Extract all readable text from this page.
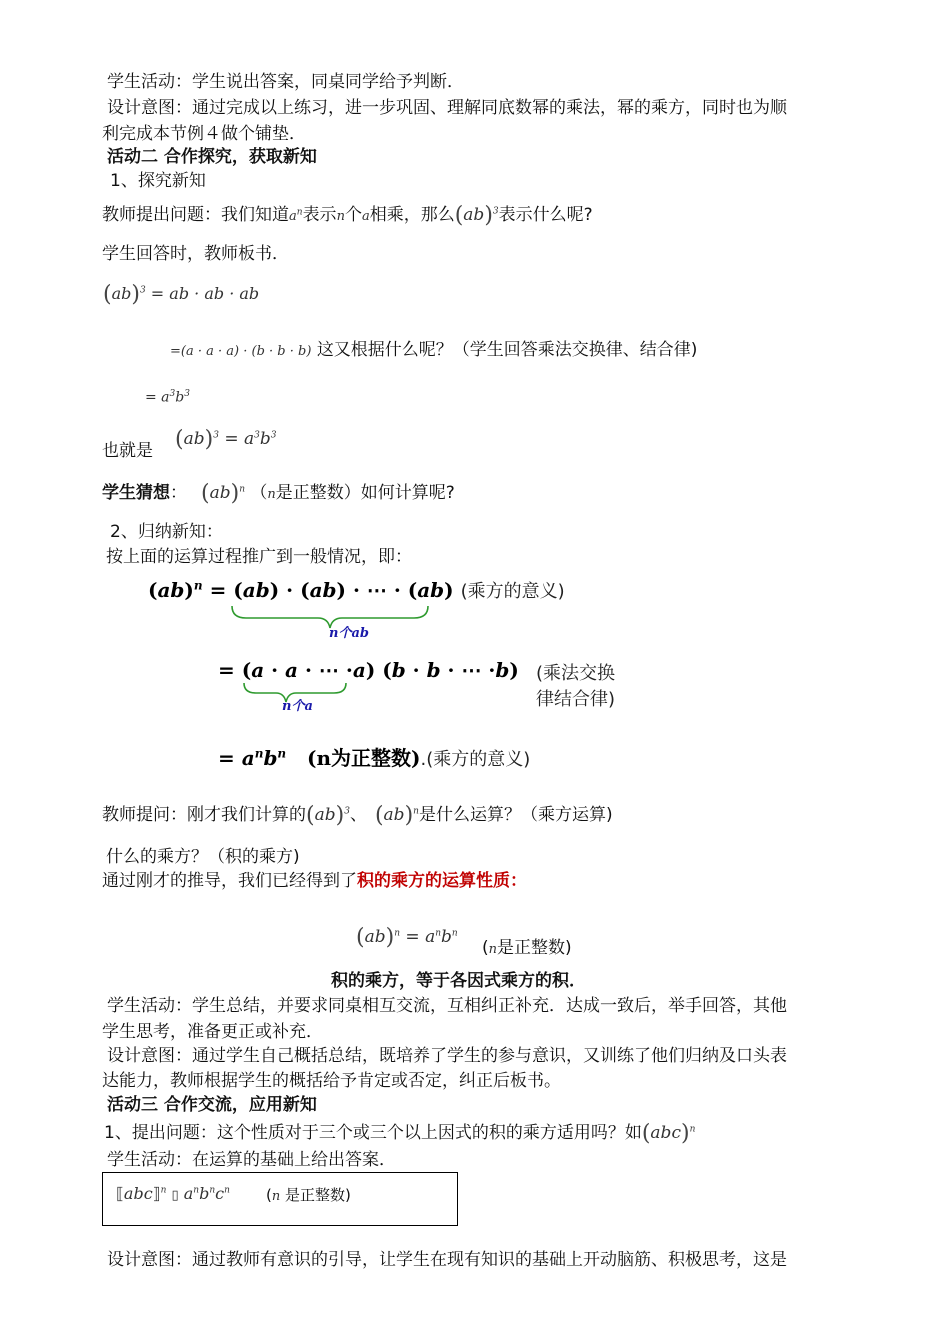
学生活动：学生说出答案，同桌同学给予判断．
设计意图：通过完成以上练习，进一步巩固、理解同底数幂的乘法，幂的乘方，同时也为顺
利完成本节例４做个铺垫．
活动二 合作探究，获取新知
1、探究新知
教师提出问题：我们知道$a^n$表示n个a相乘，那么(ab)$^3$表示什么呢?
学生回答时，教师板书．
(ab)$^3$ = ab · ab · ab
=(a · a · a) · (b · b · b) 这又根据什么呢？（学生回答乘法交换律、结合律)
= $a^3b^3$
也就是 $(ab)^3 = a^3b^3$
学生猜想： (ab)$^n$ （n是正整数）如何计算呢?
2、归纳新知：
按上面的运算过程推广到一般情况，即：
(ab)$^n$ = (ab) · (ab) · ⋯ · (ab) (乘方的意义)
n个ab
= (a · a · ⋯ ·a) (b · b · ⋯ ·b) (乘法交换
律结合律)
n个a
= $a^nb^n$ (n为正整数).(乘方的意义)
教师提问：刚才我们计算的(ab)$^3$、 (ab)$^n$是什么运算？（乘方运算)
什么的乘方？（积的乘方)
通过刚才的推导，我们已经得到了积的乘方的运算性质：
$(ab)^n = a^nb^n$
(n是正整数)
积的乘方，等于各因式乘方的积．
学生活动：学生总结，并要求同桌相互交流，互相纠正补充．达成一致后，举手回答，其他
学生思考，准备更正或补充．
设计意图：通过学生自己概括总结，既培养了学生的参与意识，又训练了他们归纳及口头表
达能力，教师根据学生的概括给予肯定或否定，纠正后板书。
活动三 合作交流，应用新知
1、提出问题：这个性质对于三个或三个以上因式的积的乘方适用吗？如(abc)$^n$
学生活动：在运算的基础上给出答案．
⟦abc⟧$^n$ ▯ $a^nb^nc^n$ (n 是正整数)
设计意图：通过教师有意识的引导，让学生在现有知识的基础上开动脑筋、积极思考，这是
